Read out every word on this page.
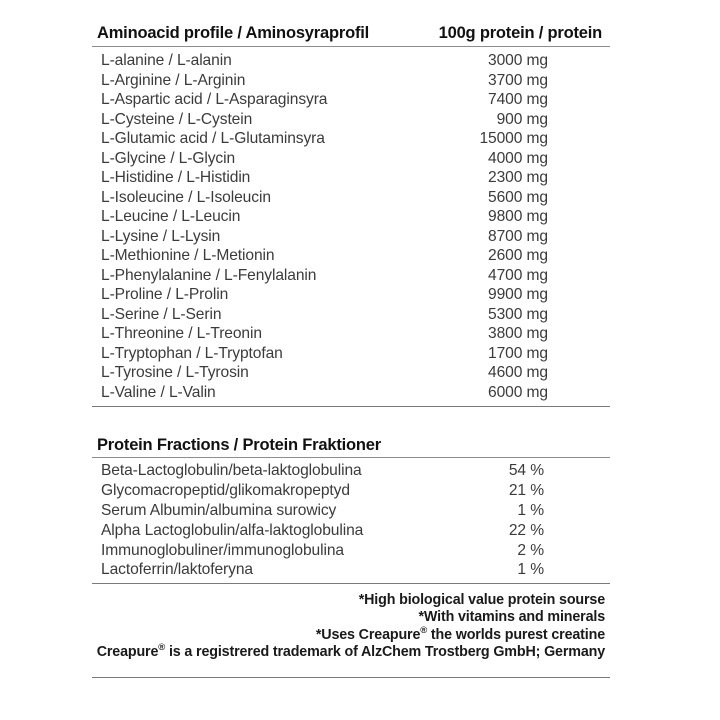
Aminoacid profile / Aminosyraprofil	100g protein / protein
L-alanine / L-alanin	3000 mg
L-Arginine / L-Arginin	3700 mg
L-Aspartic acid / L-Asparaginsyra	7400 mg
L-Cysteine / L-Cystein	900 mg
L-Glutamic acid / L-Glutaminsyra	15000 mg
L-Glycine / L-Glycin	4000 mg
L-Histidine / L-Histidin	2300 mg
L-Isoleucine / L-Isoleucin	5600 mg
L-Leucine / L-Leucin	9800 mg
L-Lysine / L-Lysin	8700 mg
L-Methionine / L-Metionin	2600 mg
L-Phenylalanine / L-Fenylalanin	4700 mg
L-Proline / L-Prolin	9900 mg
L-Serine / L-Serin	5300 mg
L-Threonine / L-Treonin	3800 mg
L-Tryptophan / L-Tryptofan	1700 mg
L-Tyrosine / L-Tyrosin	4600 mg
L-Valine / L-Valin	6000 mg
Protein Fractions / Protein Fraktioner
Beta-Lactoglobulin/beta-laktoglobulina	54 %
Glycomacropeptid/glikomakropeptyd	21 %
Serum Albumin/albumina surowicy	1 %
Alpha Lactoglobulin/alfa-laktoglobulina	22 %
Immunoglobuliner/immunoglobulina	2 %
Lactoferrin/laktoferyna	1 %
*High biological value protein sourse
*With vitamins and minerals
*Uses Creapure® the worlds purest creatine
Creapure® is a registrered trademark of AlzChem Trostberg GmbH; Germany
